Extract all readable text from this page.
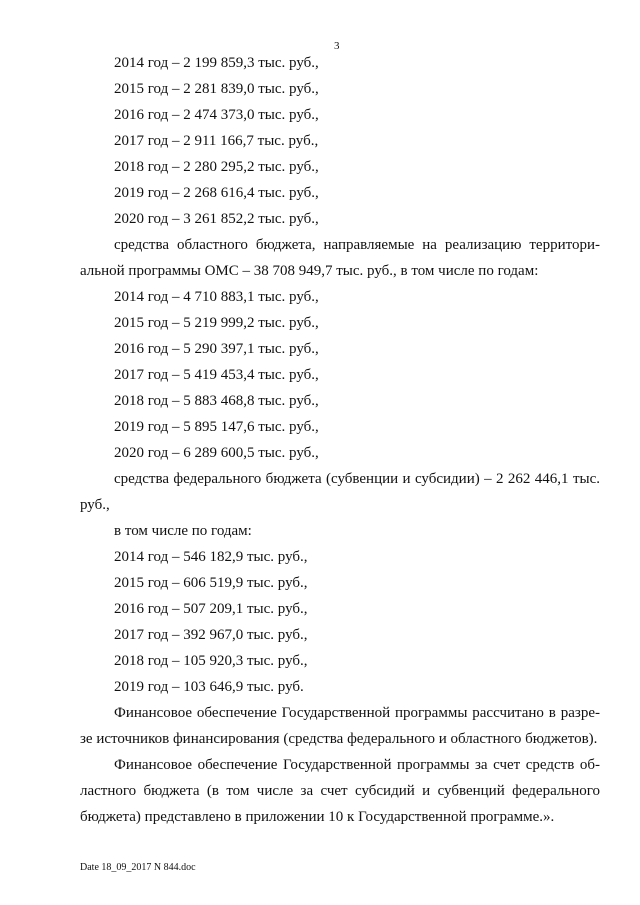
3

2014 год – 2 199 859,3 тыс. руб.,

2015 год – 2 281 839,0 тыс. руб.,

2016 год – 2 474 373,0 тыс. руб.,

2017 год – 2 911 166,7 тыс. руб.,

2018 год – 2 280 295,2 тыс. руб.,

2019 год – 2 268 616,4 тыс. руб.,

2020 год – 3 261 852,2 тыс. руб.,

средства областного бюджета, направляемые на реализацию территори-альной программы ОМС – 38 708 949,7 тыс. руб., в том числе по годам:

2014 год – 4 710 883,1 тыс. руб.,

2015 год – 5 219 999,2 тыс. руб.,

2016 год – 5 290 397,1 тыс. руб.,

2017 год – 5 419 453,4 тыс. руб.,

2018 год – 5 883 468,8 тыс. руб.,

2019 год – 5 895 147,6 тыс. руб.,

2020 год – 6 289 600,5 тыс. руб.,

средства федерального бюджета (субвенции и субсидии) – 2 262 446,1 тыс. руб.,

в том числе по годам:

2014 год – 546 182,9 тыс. руб.,

2015 год – 606 519,9 тыс. руб.,

2016 год – 507 209,1 тыс. руб.,

2017 год – 392 967,0 тыс. руб.,

2018 год – 105 920,3 тыс. руб.,

2019 год – 103 646,9 тыс. руб.

Финансовое обеспечение Государственной программы рассчитано в разре-зе источников финансирования (средства федерального и областного бюджетов).

Финансовое обеспечение Государственной программы за счет средств об-ластного бюджета (в том числе за счет субсидий и субвенций федерального бюджета) представлено в приложении 10 к Государственной программе.».

Date 18_09_2017 N 844.doc
